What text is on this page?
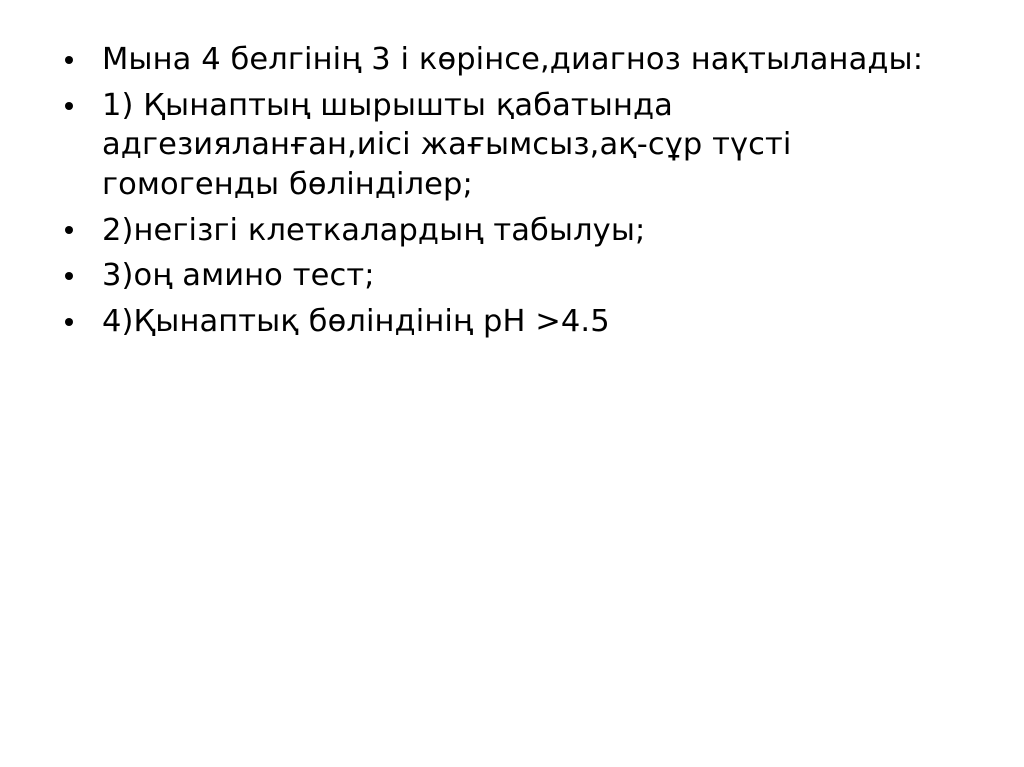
Мына 4 белгінің 3 і көрінсе,диагноз нақтыланады:
1) Қынаптың шырышты қабатында адгезияланған,иісі жағымсыз,ақ-сұр түсті гомогенды бөлінділер;
2)негізгі клеткалардың табылуы;
3)оң амино тест;
4)Қынаптық бөліндінің pH >4.5
